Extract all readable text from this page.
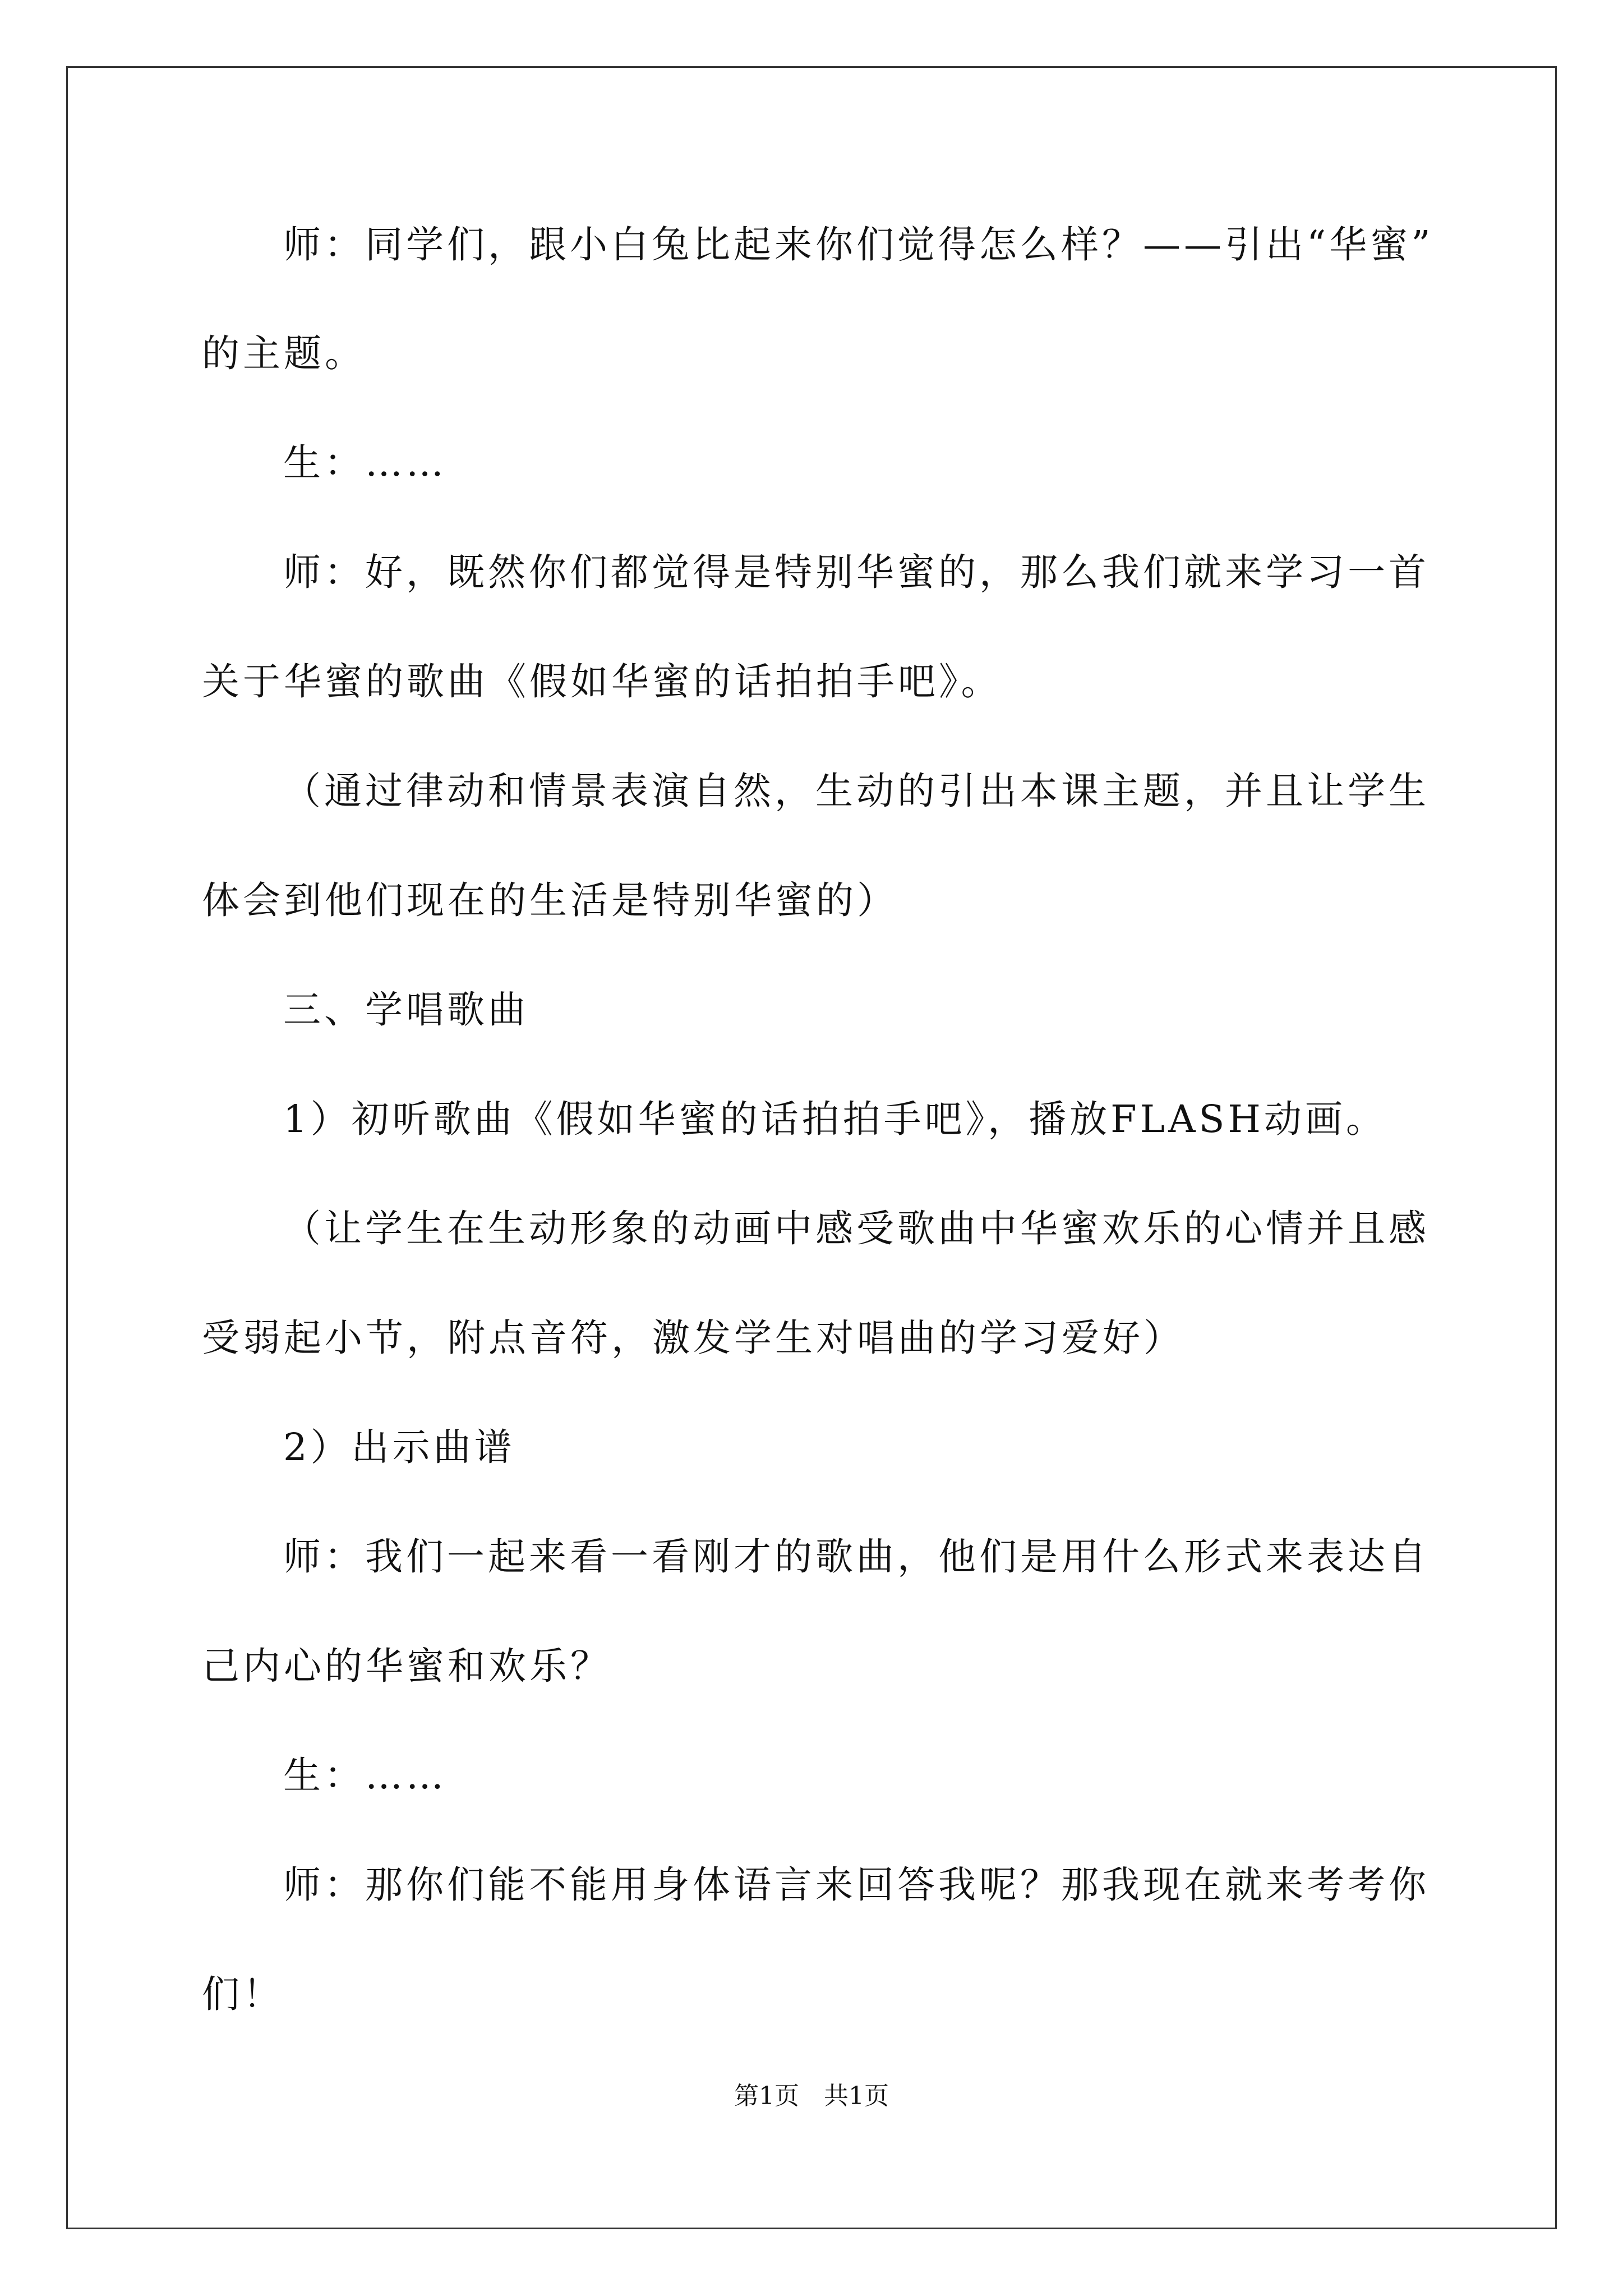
师：同学们，跟小白兔比起来你们觉得怎么样？——引出“华蜜”
的主题。
生：……
师：好，既然你们都觉得是特别华蜜的，那么我们就来学习一首
关于华蜜的歌曲《假如华蜜的话拍拍手吧》。
（通过律动和情景表演自然，生动的引出本课主题，并且让学生
体会到他们现在的生活是特别华蜜的）
三、学唱歌曲
1）初听歌曲《假如华蜜的话拍拍手吧》，播放FLASH动画。
（让学生在生动形象的动画中感受歌曲中华蜜欢乐的心情并且感
受弱起小节，附点音符，激发学生对唱曲的学习爱好）
2）出示曲谱
师：我们一起来看一看刚才的歌曲，他们是用什么形式来表达自
己内心的华蜜和欢乐？
生：……
师：那你们能不能用身体语言来回答我呢？那我现在就来考考你
们！
第1页　共1页
